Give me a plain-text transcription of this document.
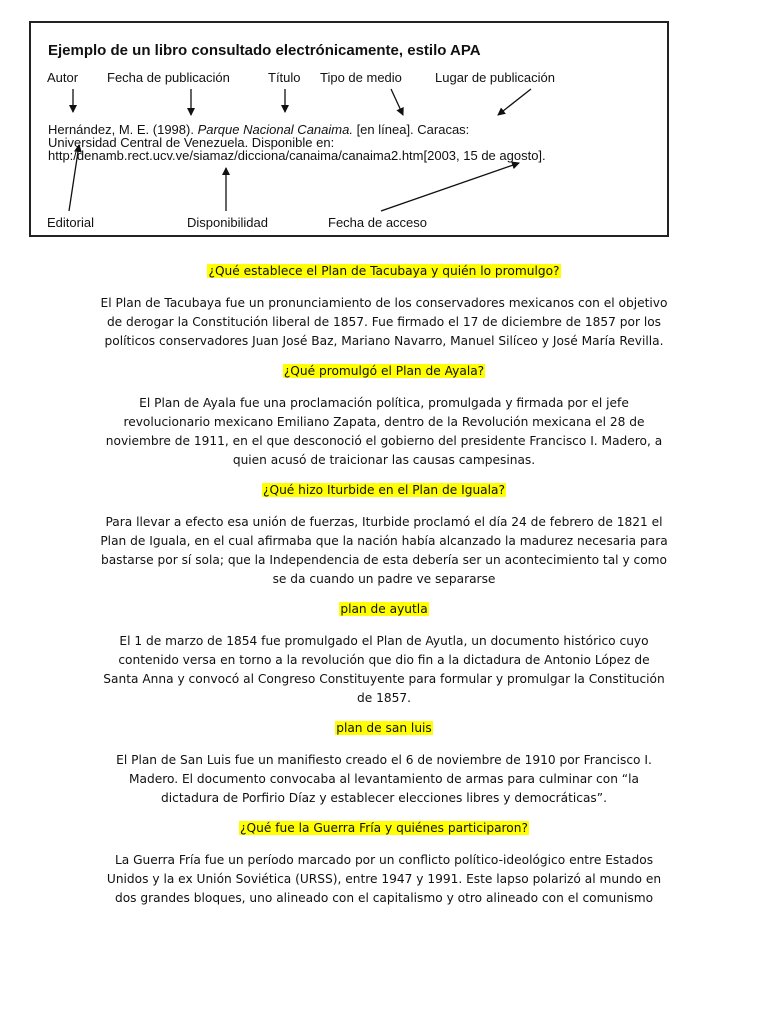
Ejemplo de un libro consultado electrónicamente, estilo APA

Autor Fecha de publicación	Título Tipo de medio	Lugar de publicación
Hernández, M. E. (1998). Parque Nacional Canaima. [en línea]. Caracas:
Universidad Central de Venezuela. Disponible en:
http:/denamb.rect.ucv.ve/siamaz/dicciona/canaima/canaima2.htm[2003, 15 de agosto].
Editorial	Disponibilidad	Fecha de acceso

¿Qué establece el Plan de Tacubaya y quién lo promulgo?

El Plan de Tacubaya fue un pronunciamiento de los conservadores mexicanos con el objetivo de derogar la Constitución liberal de 1857. Fue firmado el 17 de diciembre de 1857 por los políticos conservadores Juan José Baz, Mariano Navarro, Manuel Silíceo y José María Revilla.

¿Qué promulgó el Plan de Ayala?

El Plan de Ayala fue una proclamación política, promulgada y firmada por el jefe revolucionario mexicano Emiliano Zapata, dentro de la Revolución mexicana el 28 de noviembre de 1911, en el que desconoció el gobierno del presidente Francisco I. Madero, a quien acusó de traicionar las causas campesinas.

¿Qué hizo Iturbide en el Plan de Iguala?

Para llevar a efecto esa unión de fuerzas, Iturbide proclamó el día 24 de febrero de 1821 el Plan de Iguala, en el cual afirmaba que la nación había alcanzado la madurez necesaria para bastarse por sí sola; que la Independencia de esta debería ser un acontecimiento tal y como se da cuando un padre ve separarse

plan de ayutla

El 1 de marzo de 1854 fue promulgado el Plan de Ayutla, un documento histórico cuyo contenido versa en torno a la revolución que dio fin a la dictadura de Antonio López de Santa Anna y convocó al Congreso Constituyente para formular y promulgar la Constitución de 1857.

plan de san luis

El Plan de San Luis fue un manifiesto creado el 6 de noviembre de 1910 por Francisco I. Madero. El documento convocaba al levantamiento de armas para culminar con “la dictadura de Porfirio Díaz y establecer elecciones libres y democráticas”.

¿Qué fue la Guerra Fría y quiénes participaron?

La Guerra Fría fue un período marcado por un conflicto político-ideológico entre Estados Unidos y la ex Unión Soviética (URSS), entre 1947 y 1991. Este lapso polarizó al mundo en dos grandes bloques, uno alineado con el capitalismo y otro alineado con el comunismo
